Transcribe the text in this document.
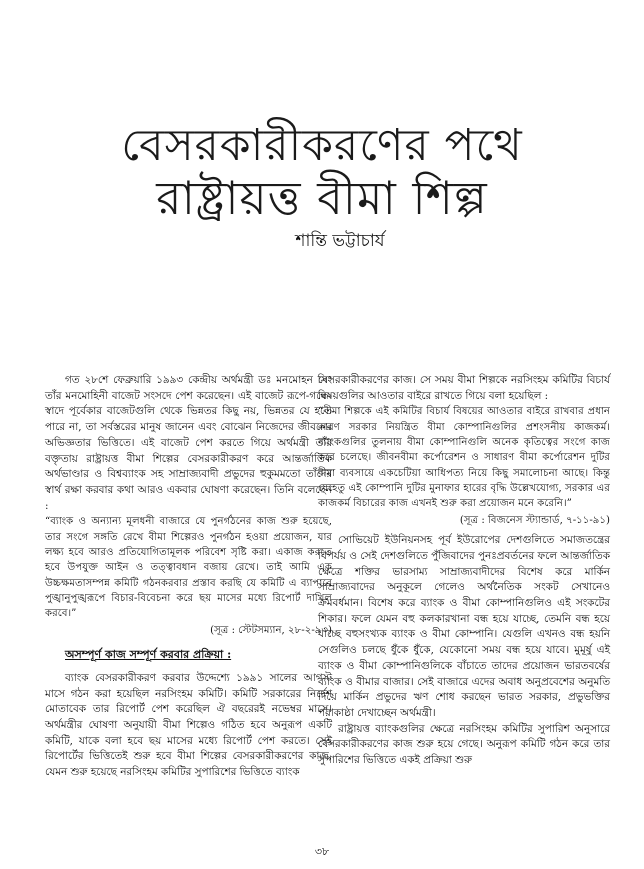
বেসরকারীকরণের পথে
রাষ্ট্রায়ত্ত বীমা শিল্প
শান্তি ভট্টাচার্য

গত ২৮শে ফেব্রুয়ারি ১৯৯৩ কেন্দ্রীয় অর্থমন্ত্রী ডঃ মনমোহন সিং তাঁর মনমোহিনী বাজেট সংসদে পেশ করেছেন। এই বাজেট রূপে-গন্ধে-স্বাদে পূর্বেকার বাজেটগুলি থেকে ভিন্নতর কিছু নয়, ভিন্নতর যে হতে পারে না, তা সর্বস্তরের মানুষ জানেন এবং বোঝেন নিজেদের জীবনের অভিজ্ঞতার ভিত্তিতে। এই বাজেট পেশ করতে গিয়ে অর্থমন্ত্রী তাঁর বক্তৃতায় রাষ্ট্রায়ত্ত বীমা শিল্পের বেসরকারীকরণ করে আন্তর্জাতিক অর্থভাণ্ডার ও বিশ্বব্যাংক সহ সাম্রাজ্যবাদী প্রভুদের হুকুমমতো তাঁদের স্বার্থ রক্ষা করবার কথা আরও একবার ঘোষণা করেছেন। তিনি বলেছেন :

“ব্যাংক ও অন্যান্য মূলধনী বাজারে যে পুনর্গঠনের কাজ শুরু হয়েছে, তার সংগে সঙ্গতি রেখে বীমা শিল্পেরও পুনর্গঠন হওয়া প্রয়োজন, যার লক্ষ্য হবে আরও প্রতিযোগিতামূলক পরিবেশ সৃষ্টি করা। একাজ করতে হবে উপযুক্ত আইন ও তত্ত্বাবধান বজায় রেখে। তাই আমি এক উচ্চক্ষমতাসম্পন্ন কমিটি গঠনকরবার প্রস্তাব করছি যে কমিটি এ ব্যাপারে পুঙ্খানুপুঙ্খরূপে বিচার-বিবেচনা করে ছয় মাসের মধ্যে রিপোর্ট দাখিল করবে।”

(সূত্র : স্টেটসম্যান, ২৮-২-৯৩)
অসম্পূর্ণ কাজ সম্পূর্ণ করবার প্রক্রিয়া :

ব্যাংক বেসরকারীকরণ করবার উদ্দেশ্যে ১৯৯১ সালের আগস্ট মাসে গঠন করা হয়েছিল নরসিংহম কমিটি। কমিটি সরকারের নির্দেশ মোতাবেক তার রিপোর্ট পেশ করেছিল ঐ বছরেরই নভেম্বর মাসে। অর্থমন্ত্রীর ঘোষণা অনুযায়ী বীমা শিল্পেও গঠিত হবে অনুরূপ একটি কমিটি, যাকে বলা হবে ছয় মাসের মধ্যে রিপোর্ট পেশ করতে। সেই রিপোর্টের ভিত্তিতেই শুরু হবে বীমা শিল্পের বেসরকারীকরণের কাজ, যেমন শুরু হয়েছে নরসিংহম কমিটির সুপারিশের ভিত্তিতে ব্যাংক

বেসরকারীকরণের কাজ। সে সময় বীমা শিল্পকে নরসিংহম কমিটির বিচার্য বিষয়গুলির আওতার বাইরে রাখতে গিয়ে বলা হয়েছিল :

“বীমা শিল্পকে এই কমিটির বিচার্য বিষয়ের আওতার বাইরে রাখবার প্রধান কারণ সরকার নিয়ন্ত্রিত বীমা কোম্পানিগুলির প্রশংসনীয় কাজকর্ম। ব্যাংকগুলির তুলনায় বীমা কোম্পানিগুলি অনেক কৃতিত্বের সংগে কাজ করে চলেছে। জীবনবীমা কর্পোরেশন ও সাধারণ বীমা কর্পোরেশন দুটির বীমা ব্যবসায়ে একচেটিয়া আধিপত্য নিয়ে কিছু সমালোচনা আছে। কিন্তু যেহেতু এই কোম্পানি দুটির মুনাফার হারের বৃদ্ধি উল্লেখযোগ্য, সরকার এর কাজকর্ম বিচারের কাজ এখনই শুরু করা প্রয়োজন মনে করেনি।”

(সূত্র : বিজনেস স্ট্যান্ডার্ড, ৭-১১-৯১)

সোভিয়েট ইউনিয়নসহ পূর্ব ইউরোপের দেশগুলিতে সমাজতন্ত্রের বিপর্যয় ও সেই দেশগুলিতে পুঁজিবাদের পুনঃপ্রবর্তনের ফলে আন্তর্জাতিক ক্ষেত্রে শক্তির ভারসাম্য সাম্রাজ্যবাদীদের বিশেষ করে মার্কিন সাম্রাজ্যবাদের অনুকূলে গেলেও অর্থনৈতিক সংকট সেখানেও ক্রমবর্ধমান। বিশেষ করে ব্যাংক ও বীমা কোম্পানিগুলিও এই সংকটের শিকার। ফলে যেমন বহু কলকারখানা বন্ধ হয়ে যাচ্ছে, তেমনি বন্ধ হয়ে যাচ্ছে বহুসংখ্যক ব্যাংক ও বীমা কোম্পানি। যেগুলি এখনও বন্ধ হয়নি সেগুলিও চলছে ধুঁকে ধুঁকে, যেকোনো সময় বন্ধ হয়ে যাবে। মুমূর্ষু এই ব্যাংক ও বীমা কোম্পানিগুলিকে বাঁচাতে তাদের প্রয়োজন ভারতবর্ষের ব্যাংক ও বীমার বাজার। সেই বাজারে এদের অবাধ অনুপ্রবেশের অনুমতি দিয়ে মার্কিন প্রভুদের ঋণ শোধ করছেন ভারত সরকার, প্রভুভক্তির পরাকাষ্ঠা দেখাচ্ছেন অর্থমন্ত্রী।

রাষ্ট্রায়ত্ত ব্যাংকগুলির ক্ষেত্রে নরসিংহম কমিটির সুপারিশ অনুসারে বেসরকারীকরণের কাজ শুরু হয়ে গেছে। অনুরূপ কমিটি গঠন করে তার সুপারিশের ভিত্তিতে একই প্রক্রিয়া শুরু

৩৮
